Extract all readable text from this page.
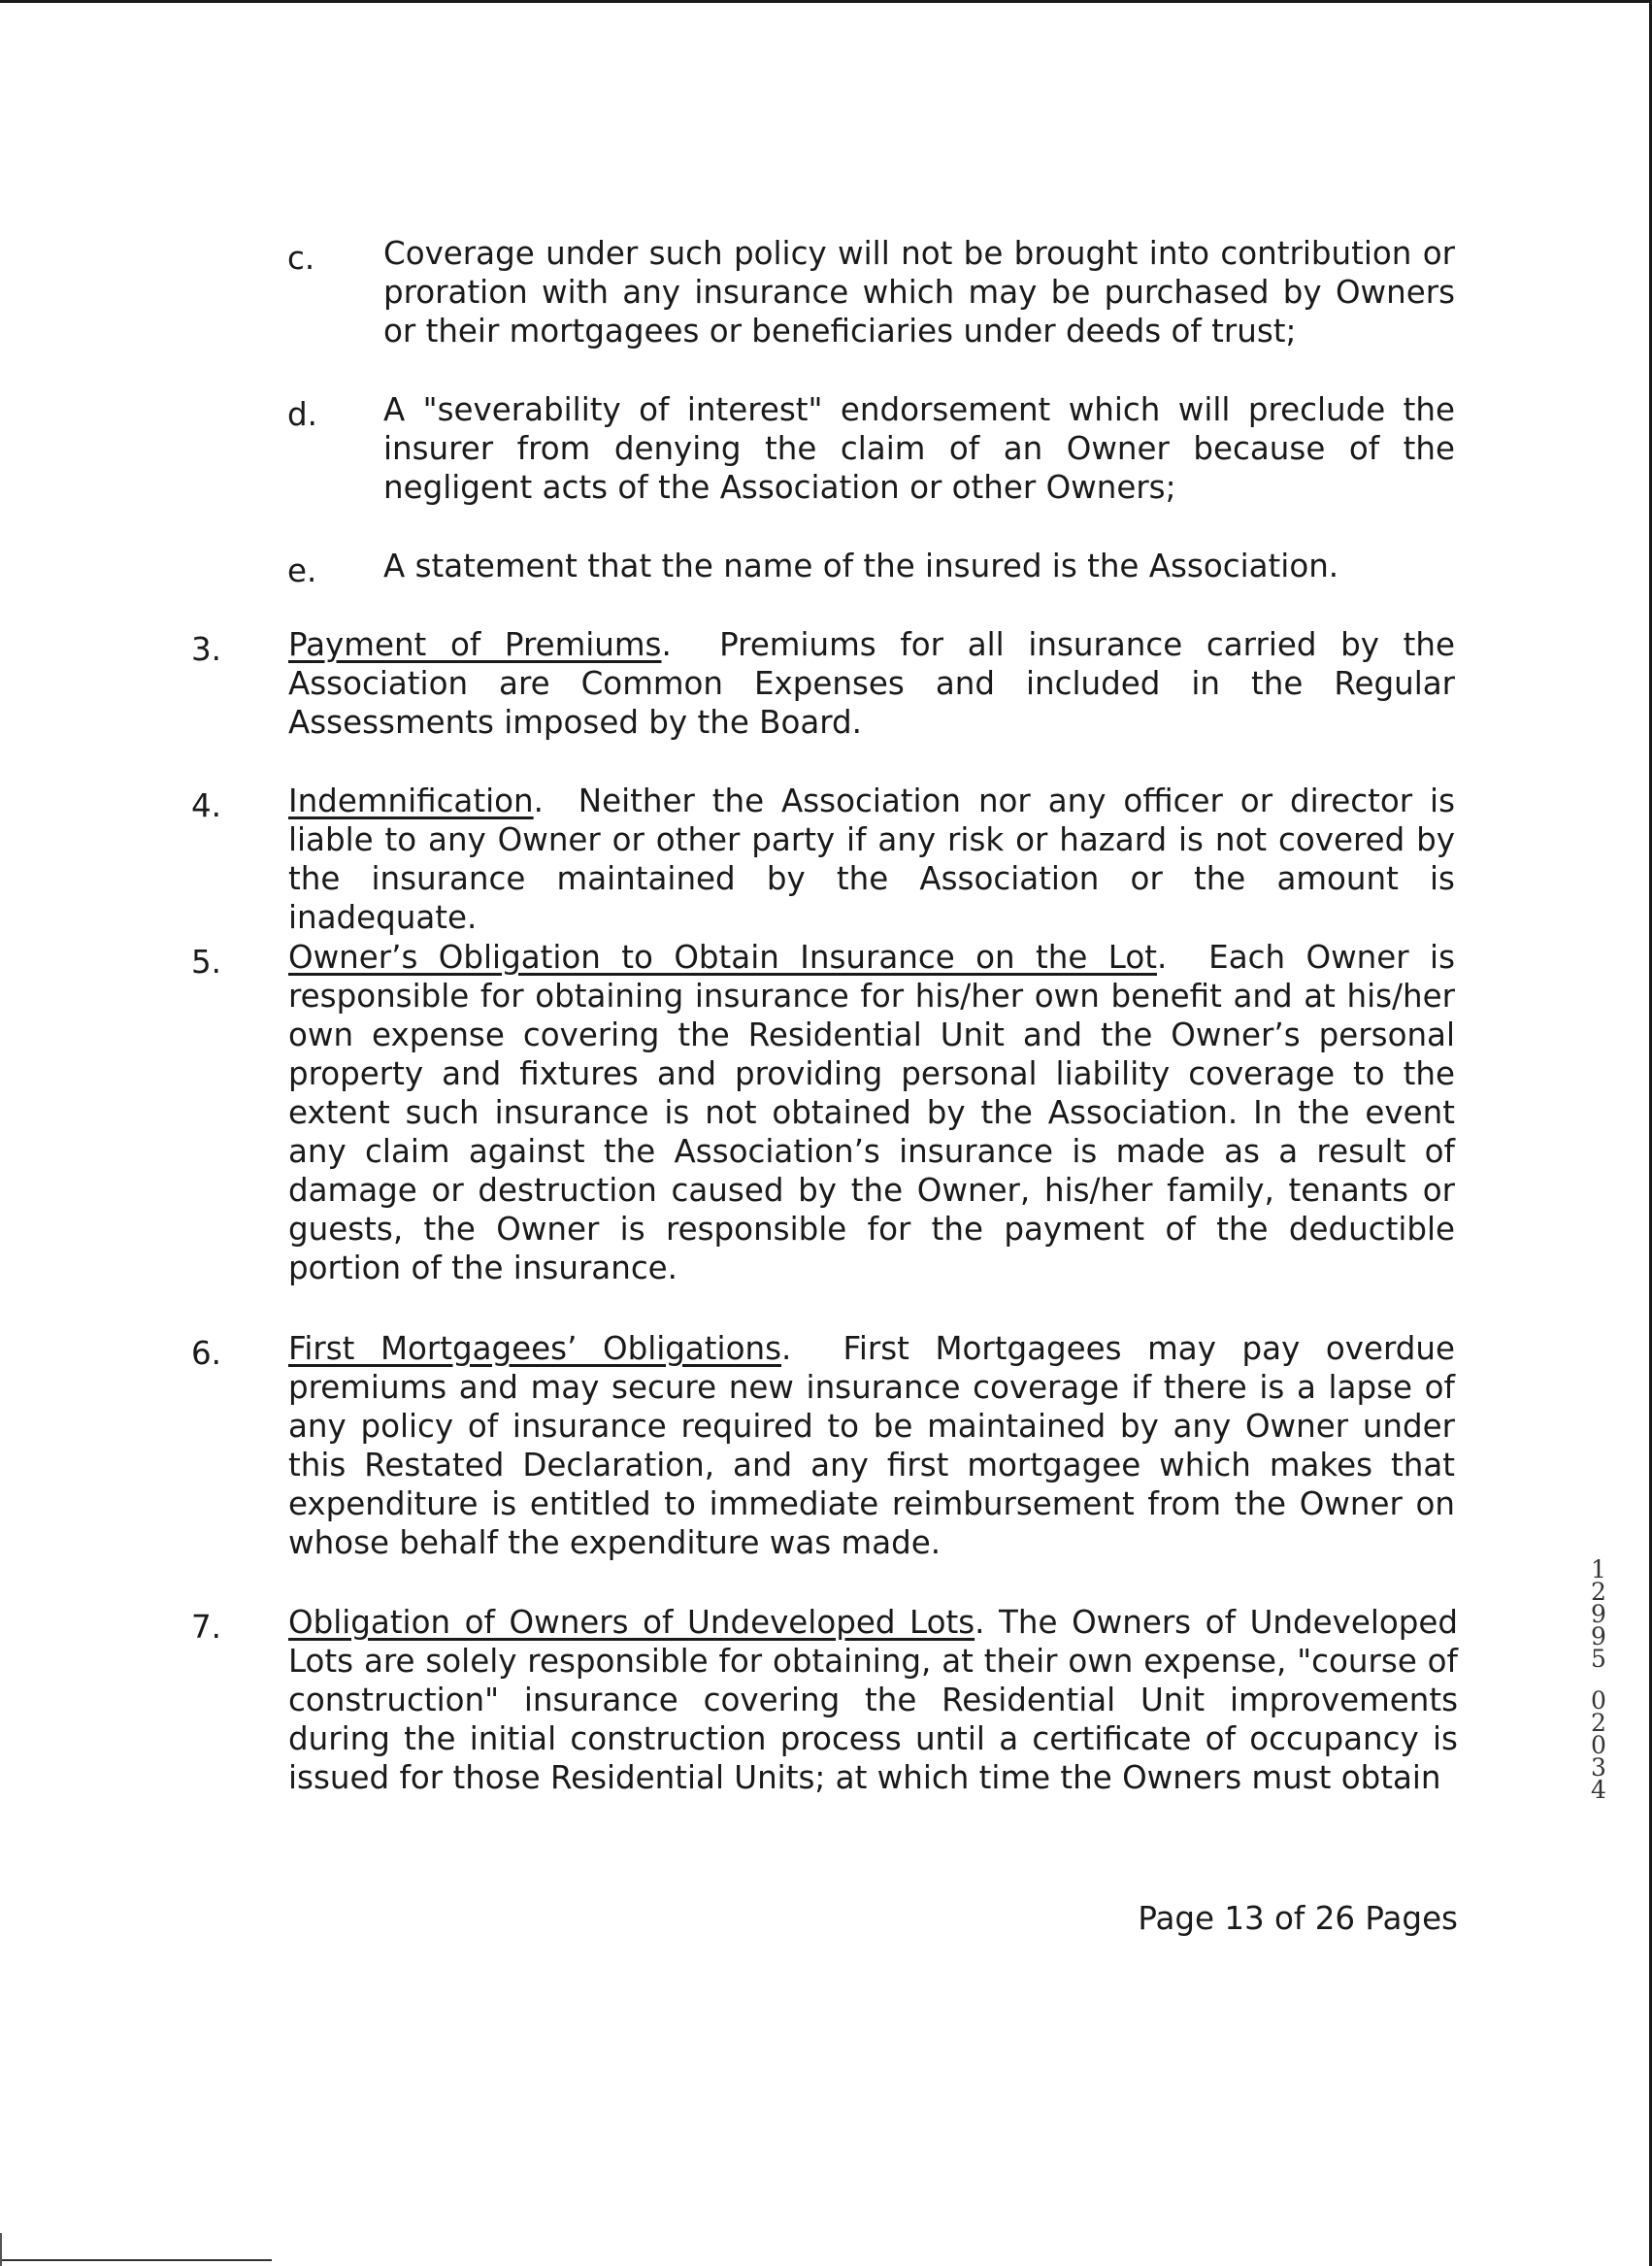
c. Coverage under such policy will not be brought into contribution or proration with any insurance which may be purchased by Owners or their mortgagees or beneficiaries under deeds of trust;
d. A "severability of interest" endorsement which will preclude the insurer from denying the claim of an Owner because of the negligent acts of the Association or other Owners;
e. A statement that the name of the insured is the Association.
3. Payment of Premiums.  Premiums for all insurance carried by the Association are Common Expenses and included in the Regular Assessments imposed by the Board.
4. Indemnification.  Neither the Association nor any officer or director is liable to any Owner or other party if any risk or hazard is not covered by the insurance maintained by the Association or the amount is inadequate.
5. Owner’s Obligation to Obtain Insurance on the Lot.  Each Owner is responsible for obtaining insurance for his/her own benefit and at his/her own expense covering the Residential Unit and the Owner’s personal property and fixtures and providing personal liability coverage to the extent such insurance is not obtained by the Association. In the event any claim against the Association’s insurance is made as a result of damage or destruction caused by the Owner, his/her family, tenants or guests, the Owner is responsible for the payment of the deductible portion of the insurance.
6. First Mortgagees’ Obligations.  First Mortgagees may pay overdue premiums and may secure new insurance coverage if there is a lapse of any policy of insurance required to be maintained by any Owner under this Restated Declaration, and any first mortgagee which makes that expenditure is entitled to immediate reimbursement from the Owner on whose behalf the expenditure was made.
7. Obligation of Owners of Undeveloped Lots. The Owners of Undeveloped Lots are solely responsible for obtaining, at their own expense, "course of construction" insurance covering the Residential Unit improvements during the initial construction process until a certificate of occupancy is issued for those Residential Units; at which time the Owners must obtain
Page 13 of 26 Pages
1
2
9
9
5
0
2
0
3
4
